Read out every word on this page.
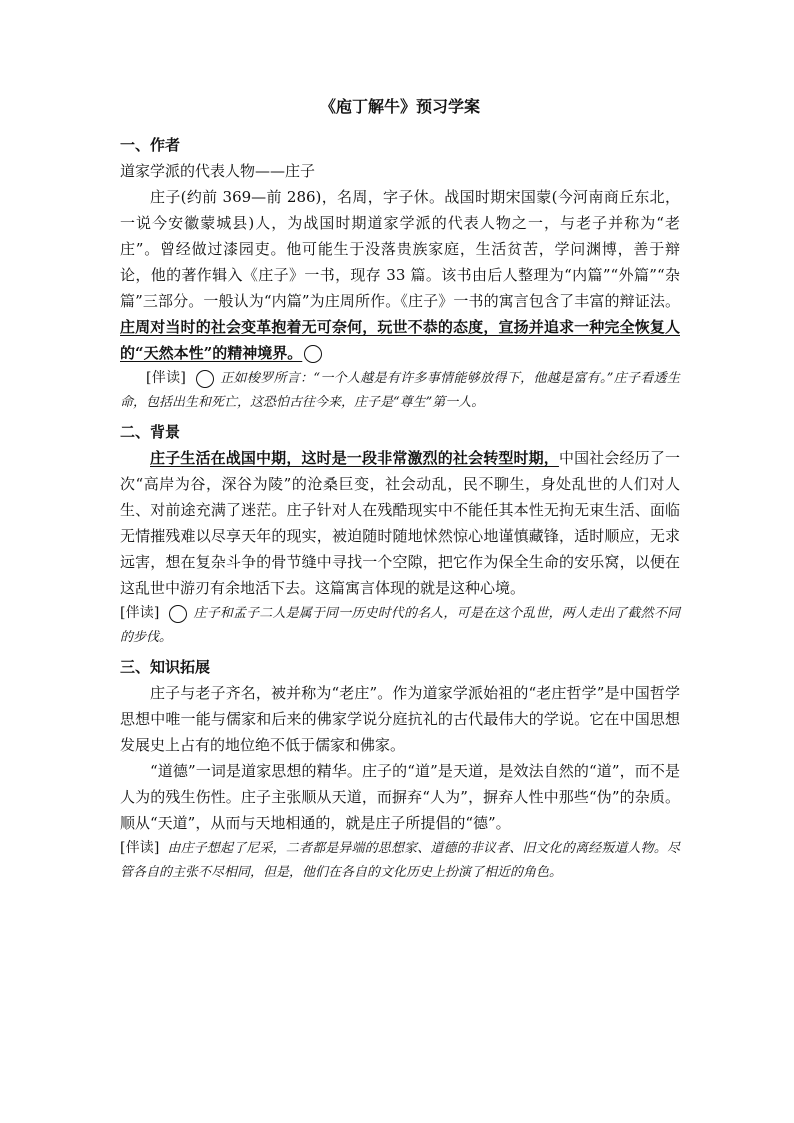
《庖丁解牛》预习学案
一、作者
道家学派的代表人物——庄子

庄子(约前 369—前 286)，名周，字子休。战国时期宋国蒙(今河南商丘东北，一说今安徽蒙城县)人，为战国时期道家学派的代表人物之一，与老子并称为“老庄”。曾经做过漆园吏。他可能生于没落贵族家庭，生活贫苦，学问渊博，善于辩论，他的著作辑入《庄子》一书，现存 33 篇。该书由后人整理为“内篇”“外篇”“杂篇”三部分。一般认为“内篇”为庄周所作。《庄子》一书的寓言包含了丰富的辩证法。庄周对当时的社会变革抱着无可奈何，玩世不恭的态度，宣扬并追求一种完全恢复人的“天然本性”的精神境界。

[伴读]	正如梭罗所言：“一个人越是有许多事情能够放得下，他越是富有。”庄子看透生命，包括出生和死亡，这恐怕古往今来，庄子是“尊生”第一人。

二、背景

庄子生活在战国中期，这时是一段非常激烈的社会转型时期，中国社会经历了一次“高岸为谷，深谷为陵”的沧桑巨变，社会动乱，民不聊生，身处乱世的人们对人生、对前途充满了迷茫。庄子针对人在残酷现实中不能任其本性无拘无束生活、面临无情摧残难以尽享天年的现实，被迫随时随地怵然惊心地谨慎藏锋，适时顺应，无求远害，想在复杂斗争的骨节缝中寻找一个空隙，把它作为保全生命的安乐窝，以便在这乱世中游刃有余地活下去。这篇寓言体现的就是这种心境。

[伴读]	庄子和孟子二人是属于同一历史时代的名人，可是在这个乱世，两人走出了截然不同的步伐。

三、知识拓展

庄子与老子齐名，被并称为“老庄”。作为道家学派始祖的“老庄哲学”是中国哲学思想中唯一能与儒家和后来的佛家学说分庭抗礼的古代最伟大的学说。它在中国思想发展史上占有的地位绝不低于儒家和佛家。

“道德”一词是道家思想的精华。庄子的“道”是天道，是效法自然的“道”，而不是人为的残生伤性。庄子主张顺从天道，而摒弃“人为”，摒弃人性中那些“伪”的杂质。顺从“天道”，从而与天地相通的，就是庄子所提倡的“德”。

[伴读] 由庄子想起了尼采，二者都是异端的思想家、道德的非议者、旧文化的离经叛道人物。尽管各自的主张不尽相同，但是，他们在各自的文化历史上扮演了相近的角色。
